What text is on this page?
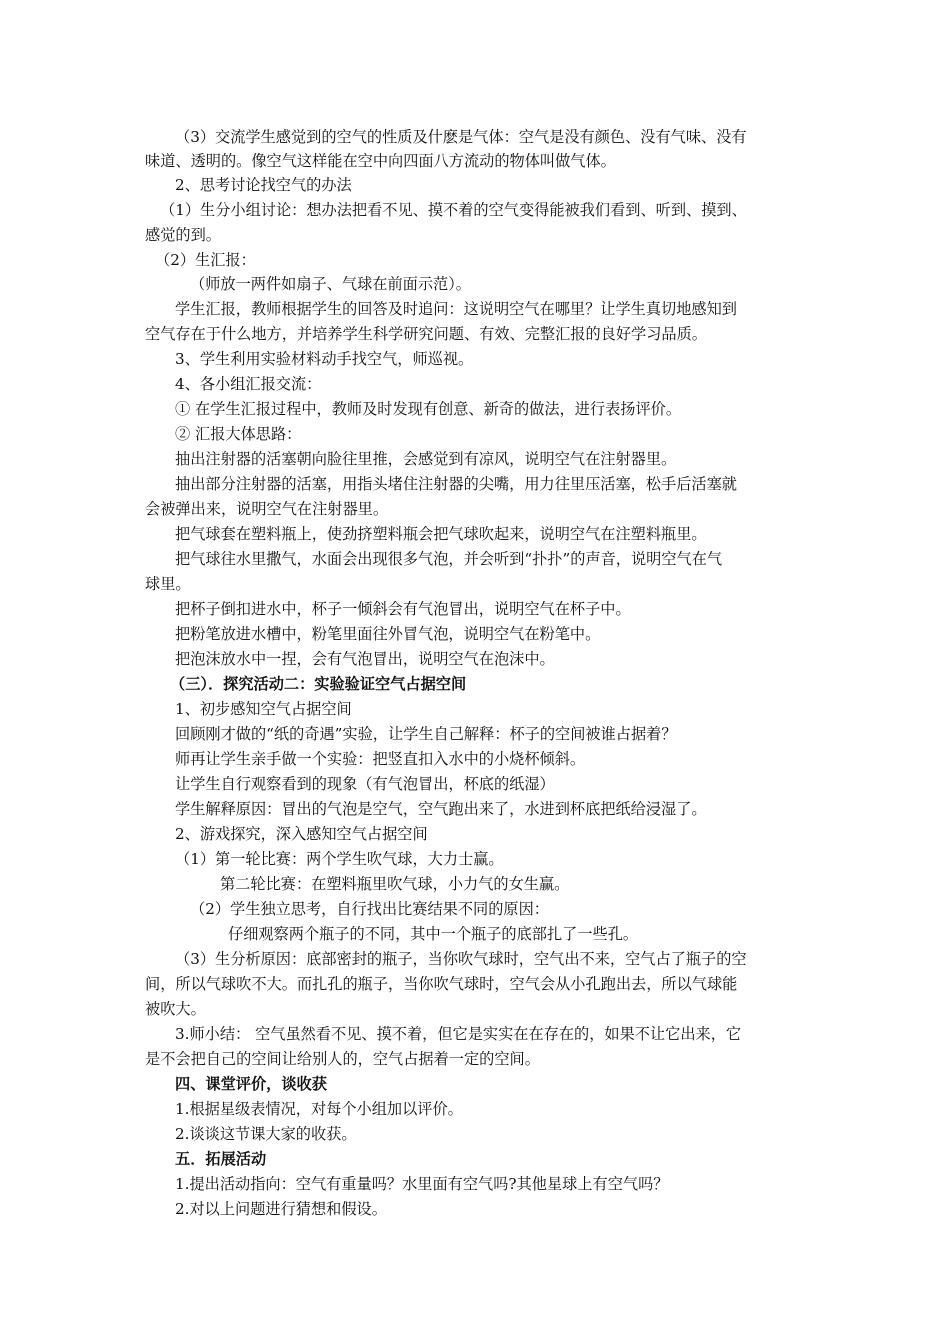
（3）交流学生感觉到的空气的性质及什麽是气体：空气是没有颜色、没有气味、没有
味道、透明的。像空气这样能在空中向四面八方流动的物体叫做气体。
2、思考讨论找空气的办法
（1）生分小组讨论：想办法把看不见、摸不着的空气变得能被我们看到、听到、摸到、
感觉的到。
（2）生汇报：
（师放一两件如扇子、气球在前面示范）。
学生汇报，教师根据学生的回答及时追问：这说明空气在哪里？让学生真切地感知到
空气存在于什么地方，并培养学生科学研究问题、有效、完整汇报的良好学习品质。
3、学生利用实验材料动手找空气，师巡视。
4、各小组汇报交流：
① 在学生汇报过程中，教师及时发现有创意、新奇的做法，进行表扬评价。
② 汇报大体思路：
抽出注射器的活塞朝向脸往里推，会感觉到有凉风，说明空气在注射器里。
抽出部分注射器的活塞，用指头堵住注射器的尖嘴，用力往里压活塞，松手后活塞就
会被弹出来，说明空气在注射器里。
把气球套在塑料瓶上，使劲挤塑料瓶会把气球吹起来，说明空气在注塑料瓶里。
把气球往水里撒气，水面会出现很多气泡，并会听到“扑扑”的声音，说明空气在气
球里。
把杯子倒扣进水中，杯子一倾斜会有气泡冒出，说明空气在杯子中。
把粉笔放进水槽中，粉笔里面往外冒气泡，说明空气在粉笔中。
把泡沫放水中一捏，会有气泡冒出，说明空气在泡沫中。
（三）．探究活动二：实验验证空气占据空间
1、初步感知空气占据空间
回顾刚才做的“纸的奇遇”实验，让学生自己解释：杯子的空间被谁占据着？
师再让学生亲手做一个实验：把竖直扣入水中的小烧杯倾斜。
让学生自行观察看到的现象（有气泡冒出，杯底的纸湿）
学生解释原因：冒出的气泡是空气，空气跑出来了，水进到杯底把纸给浸湿了。
2、游戏探究，深入感知空气占据空间
（1）第一轮比赛：两个学生吹气球，大力士赢。
第二轮比赛：在塑料瓶里吹气球，小力气的女生赢。
（2）学生独立思考，自行找出比赛结果不同的原因：
仔细观察两个瓶子的不同，其中一个瓶子的底部扎了一些孔。
（3）生分析原因：底部密封的瓶子，当你吹气球时，空气出不来，空气占了瓶子的空
间，所以气球吹不大。而扎孔的瓶子，当你吹气球时，空气会从小孔跑出去，所以气球能
被吹大。
3.师小结： 空气虽然看不见、摸不着，但它是实实在在存在的，如果不让它出来，它
是不会把自己的空间让给别人的，空气占据着一定的空间。
四、课堂评价，谈收获
1.根据星级表情况，对每个小组加以评价。
2.谈谈这节课大家的收获。
五．拓展活动
1.提出活动指向：空气有重量吗？水里面有空气吗?其他星球上有空气吗？
2.对以上问题进行猜想和假设。
